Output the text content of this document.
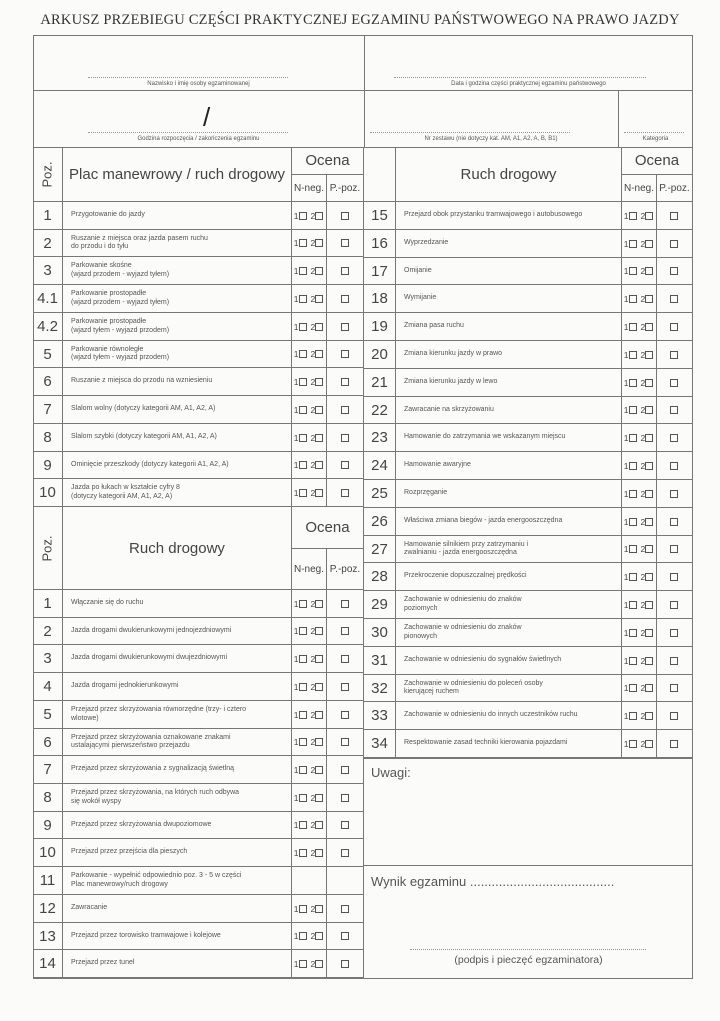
ARKUSZ PRZEBIEGU CZĘŚCI PRAKTYCZNEJ EGZAMINU PAŃSTWOWEGO NA PRAWO JAZDY
Nazwisko i imię osoby egzaminowanej	Data i godzina części praktycznej egzaminu państwowego
/
Godzina rozpoczęcia / zakończenia egzaminu	Nr zestawu (nie dotyczy kat. AM, A1, A2, A, B, B1)	Kategoria
Uwagi:
Wynik egzaminu ........................................
(podpis i pieczęć egzaminatora)
Poz. Plac manewrowy / ruch drogowy
Ocena
N-neg. P.-poz.
1	Przygotowanie do jazdy	1	2
2	Ruszanie z miejsca oraz jazda pasem ruchu
do przodu i do tyłu	1	2
3	Parkowanie skośne
(wjazd przodem - wyjazd tyłem)	1	2
4.1	Parkowanie prostopadłe
(wjazd przodem - wyjazd tyłem)	1	2
4.2	Parkowanie prostopadłe
(wjazd tyłem - wyjazd przodem)	1	2
5	Parkowanie równoległe
(wjazd tyłem - wyjazd przodem)	1	2
6	Ruszanie z miejsca do przodu na wzniesieniu	1	2
7	Slalom wolny (dotyczy kategorii AM, A1, A2, A)	1	2
8	Slalom szybki (dotyczy kategorii AM, A1, A2, A)	1	2
9	Ominięcie przeszkody (dotyczy kategorii A1, A2, A)	1	2
10	Jazda po łukach w kształcie cyfry 8
(dotyczy kategorii AM, A1, A2, A)	1	2
Poz.	Ruch drogowy
Ocena
N-neg. P.-poz.
1	Włączanie się do ruchu	1	2
2	Jazda drogami dwukierunkowymi jednojezdniowymi	1	2
3	Jazda drogami dwukierunkowymi dwujezdniowymi	1	2
4	Jazda drogami jednokierunkowymi	1	2
5	Przejazd przez skrzyżowania równorzędne (trzy- i cztero
wlotowe)	1	2
6	Przejazd przez skrzyżowania oznakowane znakami
ustalającymi pierwszeństwo przejazdu	1	2
7	Przejazd przez skrzyżowania z sygnalizacją świetlną	1	2
8	Przejazd przez skrzyżowania, na których ruch odbywa
się wokół wyspy	1	2
9	Przejazd przez skrzyżowania dwupoziomowe	1	2
10	Przejazd przez przejścia dla pieszych	1	2
11	Parkowanie - wypełnić odpowiednio poz. 3 - 5 w części
Plac manewrowy/ruch drogowy
12	Zawracanie	1	2
13	Przejazd przez torowisko tramwajowe i kolejowe	1	2
14	Przejazd przez tunel	1	2
Ruch drogowy
Ocena
N-neg. P.-poz.
15	Przejazd obok przystanku tramwajowego i autobusowego	1	2
16	Wyprzedzanie	1	2
17	Omijanie	1	2
18	Wymijanie	1	2
19	Zmiana pasa ruchu	1	2
20	Zmiana kierunku jazdy w prawo	1	2
21	Zmiana kierunku jazdy w lewo	1	2
22	Zawracanie na skrzyżowaniu	1	2
23	Hamowanie do zatrzymania we wskazanym miejscu	1	2
24	Hamowanie awaryjne	1	2
25	Rozprzęganie	1	2
26	Właściwa zmiana biegów - jazda energooszczędna	1	2
27	Hamowanie silnikiem przy zatrzymaniu i
zwalnianiu - jazda energooszczędna	1	2
28	Przekroczenie dopuszczalnej prędkości	1	2
29	Zachowanie w odniesieniu do znaków
poziomych	1	2
30	Zachowanie w odniesieniu do znaków
pionowych	1	2
31	Zachowanie w odniesieniu do sygnałów świetlnych	1	2
32	Zachowanie w odniesieniu do poleceń osoby
kierującej ruchem	1	2
33	Zachowanie w odniesieniu do innych uczestników ruchu	1	2
34	Respektowanie zasad techniki kierowania pojazdami	1	2
